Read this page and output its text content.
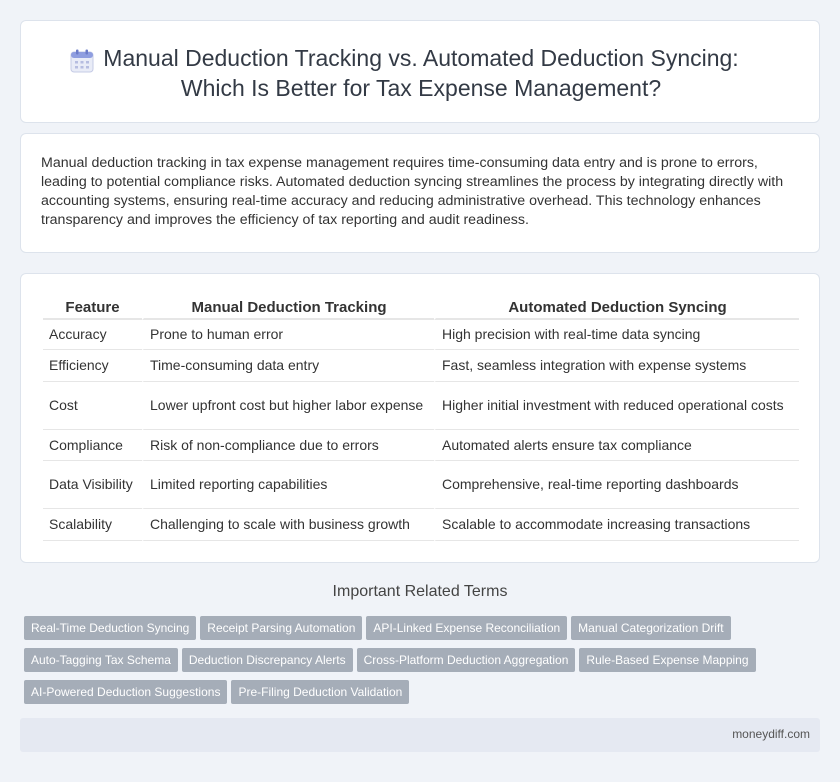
Manual Deduction Tracking vs. Automated Deduction Syncing:
Which Is Better for Tax Expense Management?

Manual deduction tracking in tax expense management requires time-consuming data entry and is prone to errors, leading to potential compliance risks. Automated deduction syncing streamlines the process by integrating directly with accounting systems, ensuring real-time accuracy and reducing administrative overhead. This technology enhances transparency and improves the efficiency of tax reporting and audit readiness.

Feature	Manual Deduction Tracking	Automated Deduction Syncing
Accuracy	Prone to human error	High precision with real-time data syncing
Efficiency	Time-consuming data entry	Fast, seamless integration with expense systems
Cost	Lower upfront cost but higher labor expense	Higher initial investment with reduced operational costs
Compliance	Risk of non-compliance due to errors	Automated alerts ensure tax compliance
Data Visibility	Limited reporting capabilities	Comprehensive, real-time reporting dashboards
Scalability	Challenging to scale with business growth	Scalable to accommodate increasing transactions
Important Related Terms
Real-Time Deduction Syncing Receipt Parsing Automation API-Linked Expense Reconciliation Manual Categorization Drift
Auto-Tagging Tax Schema Deduction Discrepancy Alerts Cross-Platform Deduction Aggregation Rule-Based Expense Mapping
AI-Powered Deduction Suggestions Pre-Filing Deduction Validation
moneydiff.com
